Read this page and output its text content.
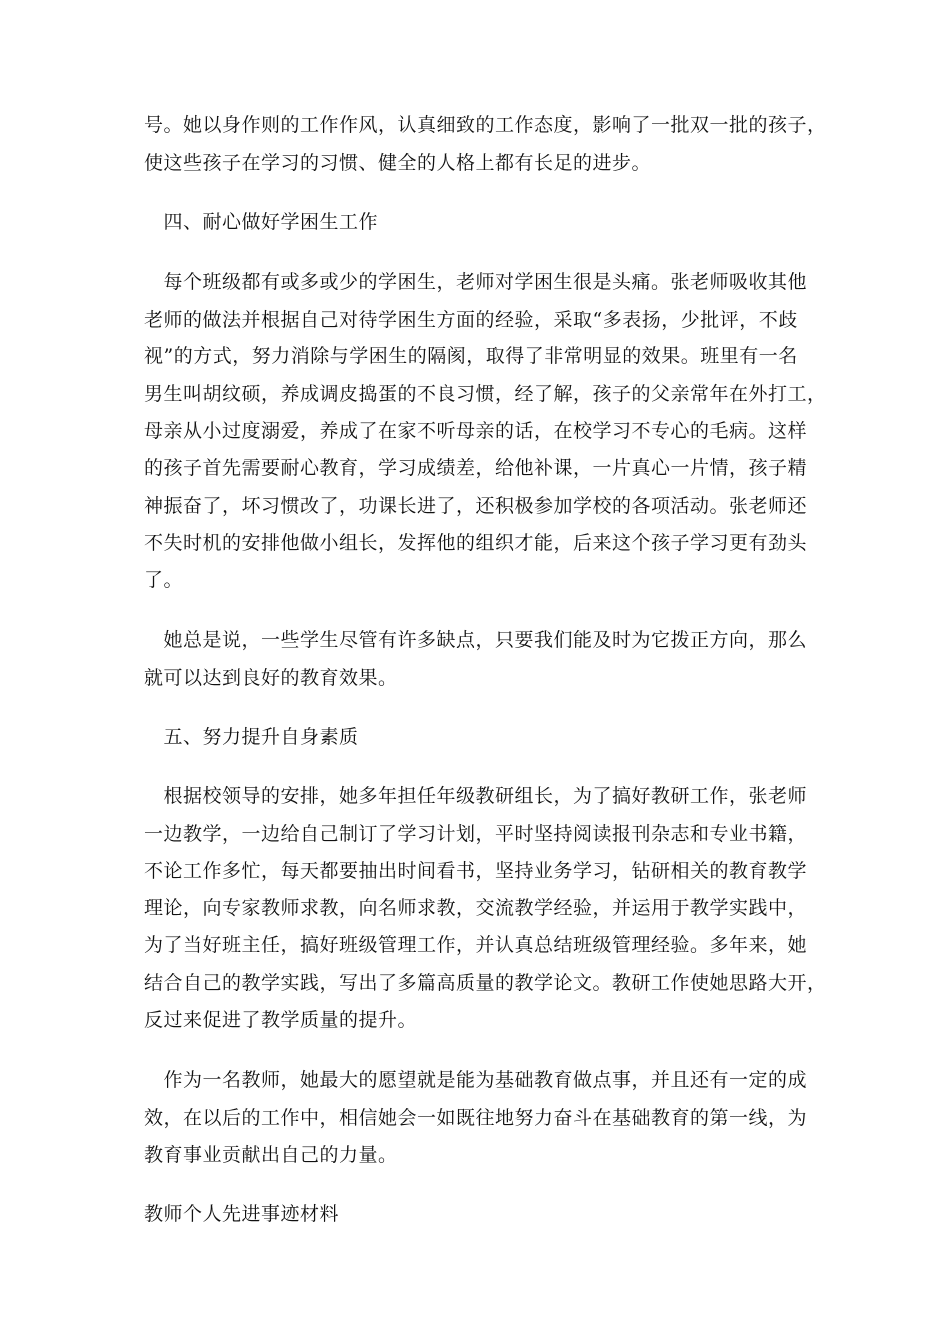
号。她以身作则的工作作风，认真细致的工作态度，影响了一批双一批的孩子，
使这些孩子在学习的习惯、健全的人格上都有长足的进步。
　四、耐心做好学困生工作
　每个班级都有或多或少的学困生，老师对学困生很是头痛。张老师吸收其他
老师的做法并根据自己对待学困生方面的经验，采取“多表扬，少批评，不歧
视”的方式，努力消除与学困生的隔阂，取得了非常明显的效果。班里有一名
男生叫胡纹硕，养成调皮捣蛋的不良习惯，经了解，孩子的父亲常年在外打工，
母亲从小过度溺爱，养成了在家不听母亲的话，在校学习不专心的毛病。这样
的孩子首先需要耐心教育，学习成绩差，给他补课，一片真心一片情，孩子精
神振奋了，坏习惯改了，功课长进了，还积极参加学校的各项活动。张老师还
不失时机的安排他做小组长，发挥他的组织才能，后来这个孩子学习更有劲头
了。
　她总是说，一些学生尽管有许多缺点，只要我们能及时为它拨正方向，那么
就可以达到良好的教育效果。
　五、努力提升自身素质
　根据校领导的安排，她多年担任年级教研组长，为了搞好教研工作，张老师
一边教学，一边给自己制订了学习计划，平时坚持阅读报刊杂志和专业书籍，
不论工作多忙，每天都要抽出时间看书，坚持业务学习，钻研相关的教育教学
理论，向专家教师求教，向名师求教，交流教学经验，并运用于教学实践中，
为了当好班主任，搞好班级管理工作，并认真总结班级管理经验。多年来，她
结合自己的教学实践，写出了多篇高质量的教学论文。教研工作使她思路大开，
反过来促进了教学质量的提升。
　作为一名教师，她最大的愿望就是能为基础教育做点事，并且还有一定的成
效，在以后的工作中，相信她会一如既往地努力奋斗在基础教育的第一线，为
教育事业贡献出自己的力量。
教师个人先进事迹材料
